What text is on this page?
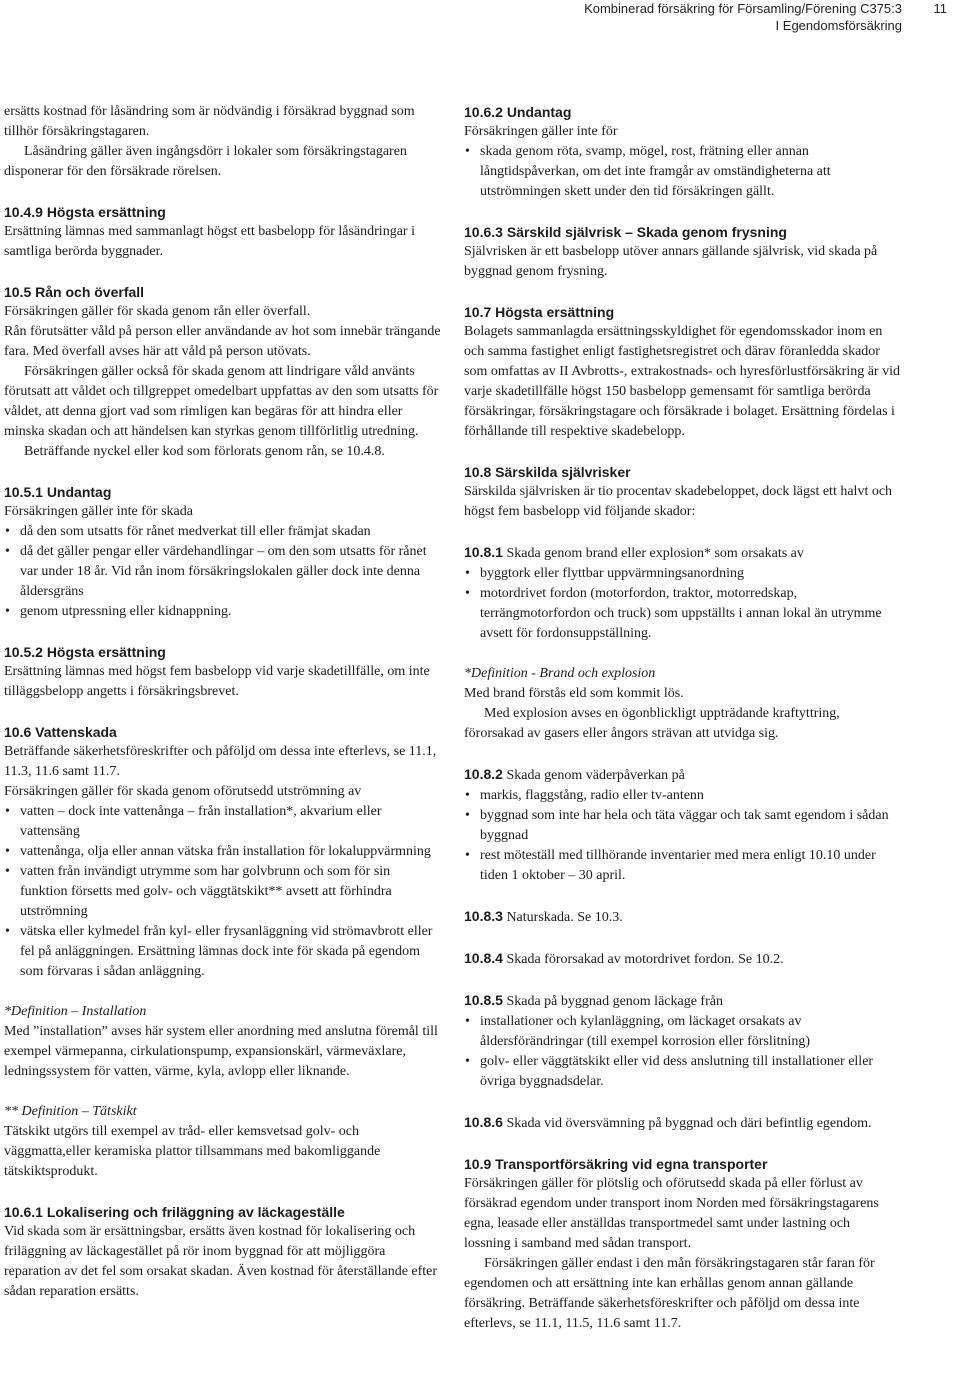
Kombinerad försäkring för Församling/Förening C375:3
I Egendomsförsäkring
11

ersätts kostnad för låsändring som är nödvändig i försäkrad byggnad som tillhör försäkringstagaren.

Låsändring gäller även ingångsdörr i lokaler som försäkringstagaren disponerar för den försäkrade rörelsen.

10.4.9 Högsta ersättning

Ersättning lämnas med sammanlagt högst ett basbelopp för låsändringar i samtliga berörda byggnader.

10.5 Rån och överfall

Försäkringen gäller för skada genom rån eller överfall.

Rån förutsätter våld på person eller användande av hot som innebär trängande fara. Med överfall avses här att våld på person utövats.

Försäkringen gäller också för skada genom att lindrigare våld använts förutsatt att våldet och tillgreppet omedelbart uppfattas av den som utsatts för våldet, att denna gjort vad som rimligen kan begäras för att hindra eller minska skadan och att händelsen kan styrkas genom tillförlitlig utredning.

Beträffande nyckel eller kod som förlorats genom rån, se 10.4.8.

10.5.1 Undantag

Försäkringen gäller inte för skada

• då den som utsatts för rånet medverkat till eller främjat skadan
• då det gäller pengar eller värdehandlingar – om den som utsatts för rånet var under 18 år. Vid rån inom försäkringslokalen gäller dock inte denna åldersgräns
• genom utpressning eller kidnappning.

10.5.2 Högsta ersättning

Ersättning lämnas med högst fem basbelopp vid varje skadetillfälle, om inte tilläggsbelopp angetts i försäkringsbrevet.

10.6 Vattenskada

Beträffande säkerhetsföreskrifter och påföljd om dessa inte efterlevs, se 11.1, 11.3, 11.6 samt 11.7.

Försäkringen gäller för skada genom oförutsedd utströmning av

• vatten – dock inte vattenånga – från installation*, akvarium eller vattensäng
• vattenånga, olja eller annan vätska från installation för lokaluppvärmning
• vatten från invändigt utrymme som har golvbrunn och som för sin funktion försetts med golv- och väggtätskikt** avsett att förhindra utströmning
• vätska eller kylmedel från kyl- eller frysanläggning vid strömavbrott eller fel på anläggningen. Ersättning lämnas dock inte för skada på egendom som förvaras i sådan anläggning.

*Definition – Installation

Med ”installation” avses här system eller anordning med anslutna föremål till exempel värmepanna, cirkulationspump, expansionskärl, värmeväxlare, ledningssystem för vatten, värme, kyla, avlopp eller liknande.

** Definition – Tätskikt

Tätskikt utgörs till exempel av tråd- eller kemsvetsad golv- och väggmatta,eller keramiska plattor tillsammans med bakomliggande tätskiktsprodukt.

10.6.1 Lokalisering och friläggning av läckageställe

Vid skada som är ersättningsbar, ersätts även kostnad för lokalisering och friläggning av läckagestället på rör inom byggnad för att möjliggöra reparation av det fel som orsakat skadan. Även kostnad för återställande efter sådan reparation ersätts.

10.6.2 Undantag

Försäkringen gäller inte för

• skada genom röta, svamp, mögel, rost, frätning eller annan långtidspåverkan, om det inte framgår av omständigheterna att utströmningen skett under den tid försäkringen gällt.

10.6.3 Särskild självrisk – Skada genom frysning

Självrisken är ett basbelopp utöver annars gällande självrisk, vid skada på byggnad genom frysning.

10.7 Högsta ersättning

Bolagets sammanlagda ersättningsskyldighet för egendomsskador inom en och samma fastighet enligt fastighetsregistret och därav föranledda skador som omfattas av II Avbrotts-, extrakostnads- och hyresförlustförsäkring är vid varje skadetillfälle högst 150 basbelopp gemensamt för samtliga berörda försäkringar, försäkringstagare och försäkrade i bolaget. Ersättning fördelas i förhållande till respektive skadebelopp.

10.8 Särskilda självrisker

Särskilda självrisken är tio procentav skadebeloppet, dock lägst ett halvt och högst fem basbelopp vid följande skador:

10.8.1 Skada genom brand eller explosion* som orsakats av

• byggtork eller flyttbar uppvärmningsanordning
• motordrivet fordon (motorfordon, traktor, motorredskap, terrängmotorfordon och truck) som uppställts i annan lokal än utrymme avsett för fordonsuppställning.

*Definition - Brand och explosion

Med brand förstås eld som kommit lös.

Med explosion avses en ögonblickligt uppträdande kraftyttring, förorsakad av gasers eller ångors strävan att utvidga sig.

10.8.2 Skada genom väderpåverkan på

• markis, flaggstång, radio eller tv-antenn
• byggnad som inte har hela och täta väggar och tak samt egendom i sådan byggnad
• rest möteställ med tillhörande inventarier med mera enligt 10.10 under tiden 1 oktober – 30 april.

10.8.3 Naturskada. Se 10.3.

10.8.4 Skada förorsakad av motordrivet fordon. Se 10.2.

10.8.5 Skada på byggnad genom läckage från

• installationer och kylanläggning, om läckaget orsakats av åldersförändringar (till exempel korrosion eller förslitning)
• golv- eller väggtätskikt eller vid dess anslutning till installationer eller övriga byggnadsdelar.

10.8.6 Skada vid översvämning på byggnad och däri befintlig egendom.

10.9 Transportförsäkring vid egna transporter

Försäkringen gäller för plötslig och oförutsedd skada på eller förlust av försäkrad egendom under transport inom Norden med försäkringstagarens egna, leasade eller anställdas transportmedel samt under lastning och lossning i samband med sådan transport.

Försäkringen gäller endast i den mån försäkringstagaren står faran för egendomen och att ersättning inte kan erhållas genom annan gällande försäkring. Beträffande säkerhetsföreskrifter och påföljd om dessa inte efterlevs, se 11.1, 11.5, 11.6 samt 11.7.
